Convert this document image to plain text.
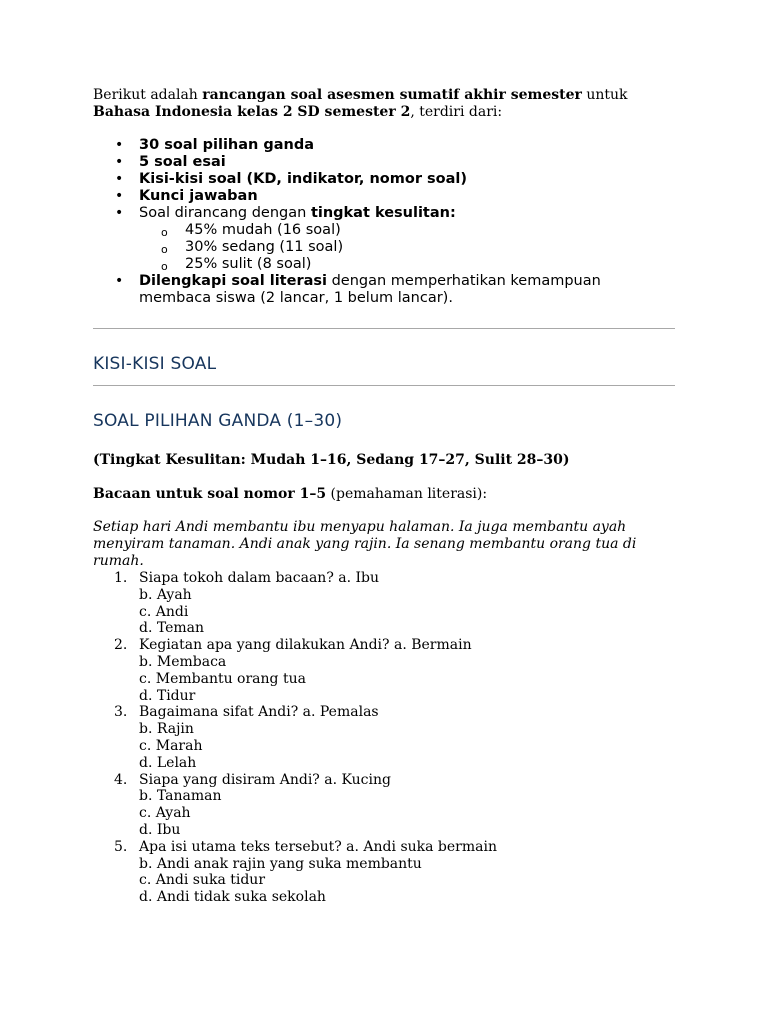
Berikut adalah rancangan soal asesmen sumatif akhir semester untuk Bahasa Indonesia kelas 2 SD semester 2, terdiri dari:

• 30 soal pilihan ganda
• 5 soal esai
• Kisi-kisi soal (KD, indikator, nomor soal)
• Kunci jawaban
• Soal dirancang dengan tingkat kesulitan:
o 45% mudah (16 soal)
o 30% sedang (11 soal)
o 25% sulit (8 soal)
• Dilengkapi soal literasi dengan memperhatikan kemampuan membaca siswa (2 lancar, 1 belum lancar).
KISI-KISI SOAL
SOAL PILIHAN GANDA (1–30)

(Tingkat Kesulitan: Mudah 1–16, Sedang 17–27, Sulit 28–30)

Bacaan untuk soal nomor 1–5 (pemahaman literasi):

Setiap hari Andi membantu ibu menyapu halaman. Ia juga membantu ayah menyiram tanaman. Andi anak yang rajin. Ia senang membantu orang tua di rumah.

1. Siapa tokoh dalam bacaan? a. Ibu
b. Ayah
c. Andi
d. Teman
2. Kegiatan apa yang dilakukan Andi? a. Bermain
b. Membaca
c. Membantu orang tua
d. Tidur
3. Bagaimana sifat Andi? a. Pemalas
b. Rajin
c. Marah
d. Lelah
4. Siapa yang disiram Andi? a. Kucing
b. Tanaman
c. Ayah
d. Ibu
5. Apa isi utama teks tersebut? a. Andi suka bermain
b. Andi anak rajin yang suka membantu
c. Andi suka tidur
d. Andi tidak suka sekolah
